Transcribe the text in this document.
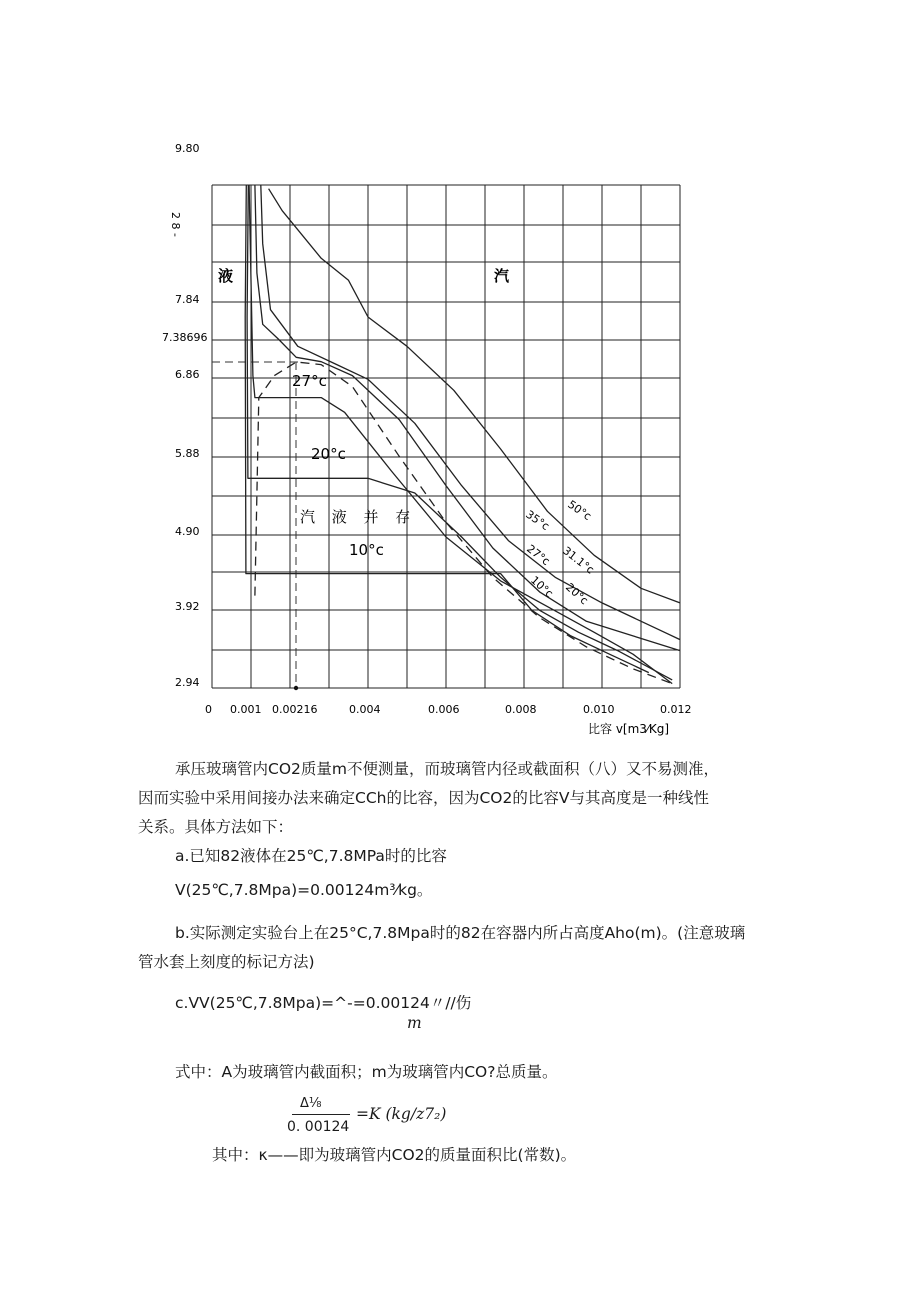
9.80
2 8 -
7.84
7.38696
6.86
5.88
4.90
3.92
2.94
0 0.001 0.00216	0.004	0.006	0.008	0.010	0.012
比容 v[m3⁄Kg]
液	汽
汽 液 并 存
27°c
20°c
10°c
50°c
35°c
31.1°c
27°c
10°c 20°c
承压玻璃管内CO2质量m不便测量，而玻璃管内径或截面积（八）又不易测准，
因而实验中采用间接办法来确定CCh的比容，因为CO2的比容V与其高度是一种线性
关系。具体方法如下：
a.已知82液体在25℃,7.8MPa时的比容
V(25℃,7.8Mpa)=0.00124m³⁄kg。
b.实际测定实验台上在25°C,7.8Mpa时的82在容器内所占高度Aho(m)。(注意玻璃
管水套上刻度的标记方法)
c.VV(25℃,7.8Mpa)=^-=0.00124〃//伤
m
式中：A为玻璃管内截面积；m为玻璃管内CO?总质量。
Δ⅛
0. 00124
=K (kg/z7₂)
其中：κ——即为玻璃管内CO2的质量面积比(常数)。
